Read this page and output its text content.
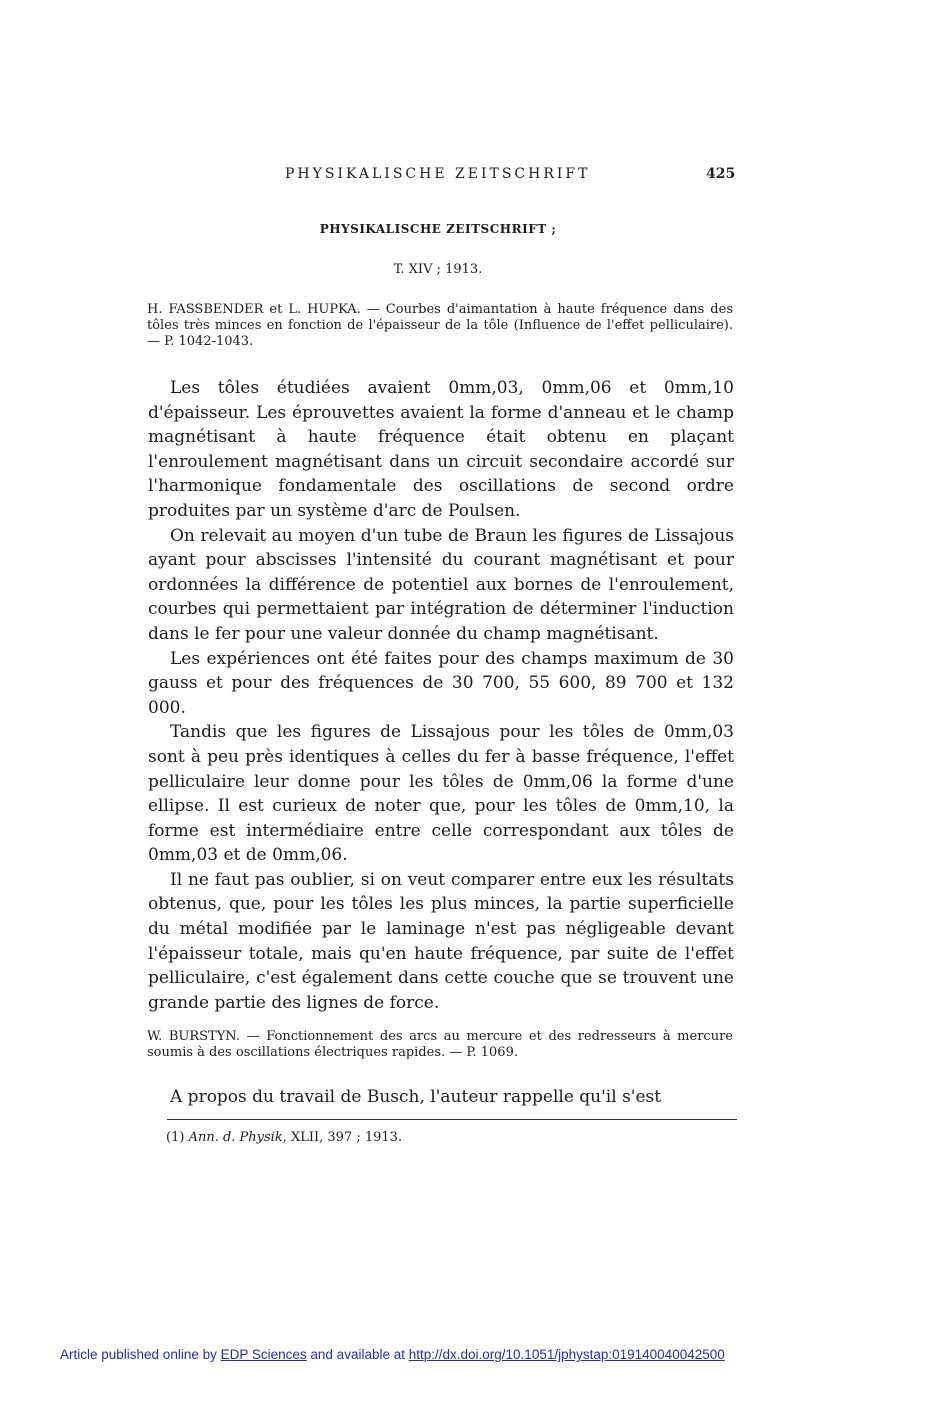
PHYSIKALISCHE ZEITSCHRIFT	425
PHYSIKALISCHE ZEITSCHRIFT ;
T. XIV ; 1913.
H. FASSBENDER et L. HUPKA. — Courbes d'aimantation à haute fréquence dans des tôles très minces en fonction de l'épaisseur de la tôle (Influence de l'effet pelliculaire). — P. 1042-1043.

Les tôles étudiées avaient 0mm,03, 0mm,06 et 0mm,10 d'épaisseur. Les éprouvettes avaient la forme d'anneau et le champ magnétisant à haute fréquence était obtenu en plaçant l'enroulement magnétisant dans un circuit secondaire accordé sur l'harmonique fondamentale des oscillations de second ordre produites par un système d'arc de Poulsen.

On relevait au moyen d'un tube de Braun les figures de Lissajous ayant pour abscisses l'intensité du courant magnétisant et pour ordonnées la différence de potentiel aux bornes de l'enroulement, courbes qui permettaient par intégration de déterminer l'induction dans le fer pour une valeur donnée du champ magnétisant.

Les expériences ont été faites pour des champs maximum de 30 gauss et pour des fréquences de 30 700, 55 600, 89 700 et 132 000.

Tandis que les figures de Lissajous pour les tôles de 0mm,03 sont à peu près identiques à celles du fer à basse fréquence, l'effet pelliculaire leur donne pour les tôles de 0mm,06 la forme d'une ellipse. Il est curieux de noter que, pour les tôles de 0mm,10, la forme est intermédiaire entre celle correspondant aux tôles de 0mm,03 et de 0mm,06.

Il ne faut pas oublier, si on veut comparer entre eux les résultats obtenus, que, pour les tôles les plus minces, la partie superficielle du métal modifiée par le laminage n'est pas négligeable devant l'épaisseur totale, mais qu'en haute fréquence, par suite de l'effet pelliculaire, c'est également dans cette couche que se trouvent une grande partie des lignes de force.

W. BURSTYN. — Fonctionnement des arcs au mercure et des redresseurs à mercure soumis à des oscillations électriques rapides. — P. 1069.

A propos du travail de Busch, l'auteur rappelle qu'il s'est

(1) Ann. d. Physik, XLII, 397 ; 1913.
Article published online by EDP Sciences and available at http://dx.doi.org/10.1051/jphystap:019140040042500
